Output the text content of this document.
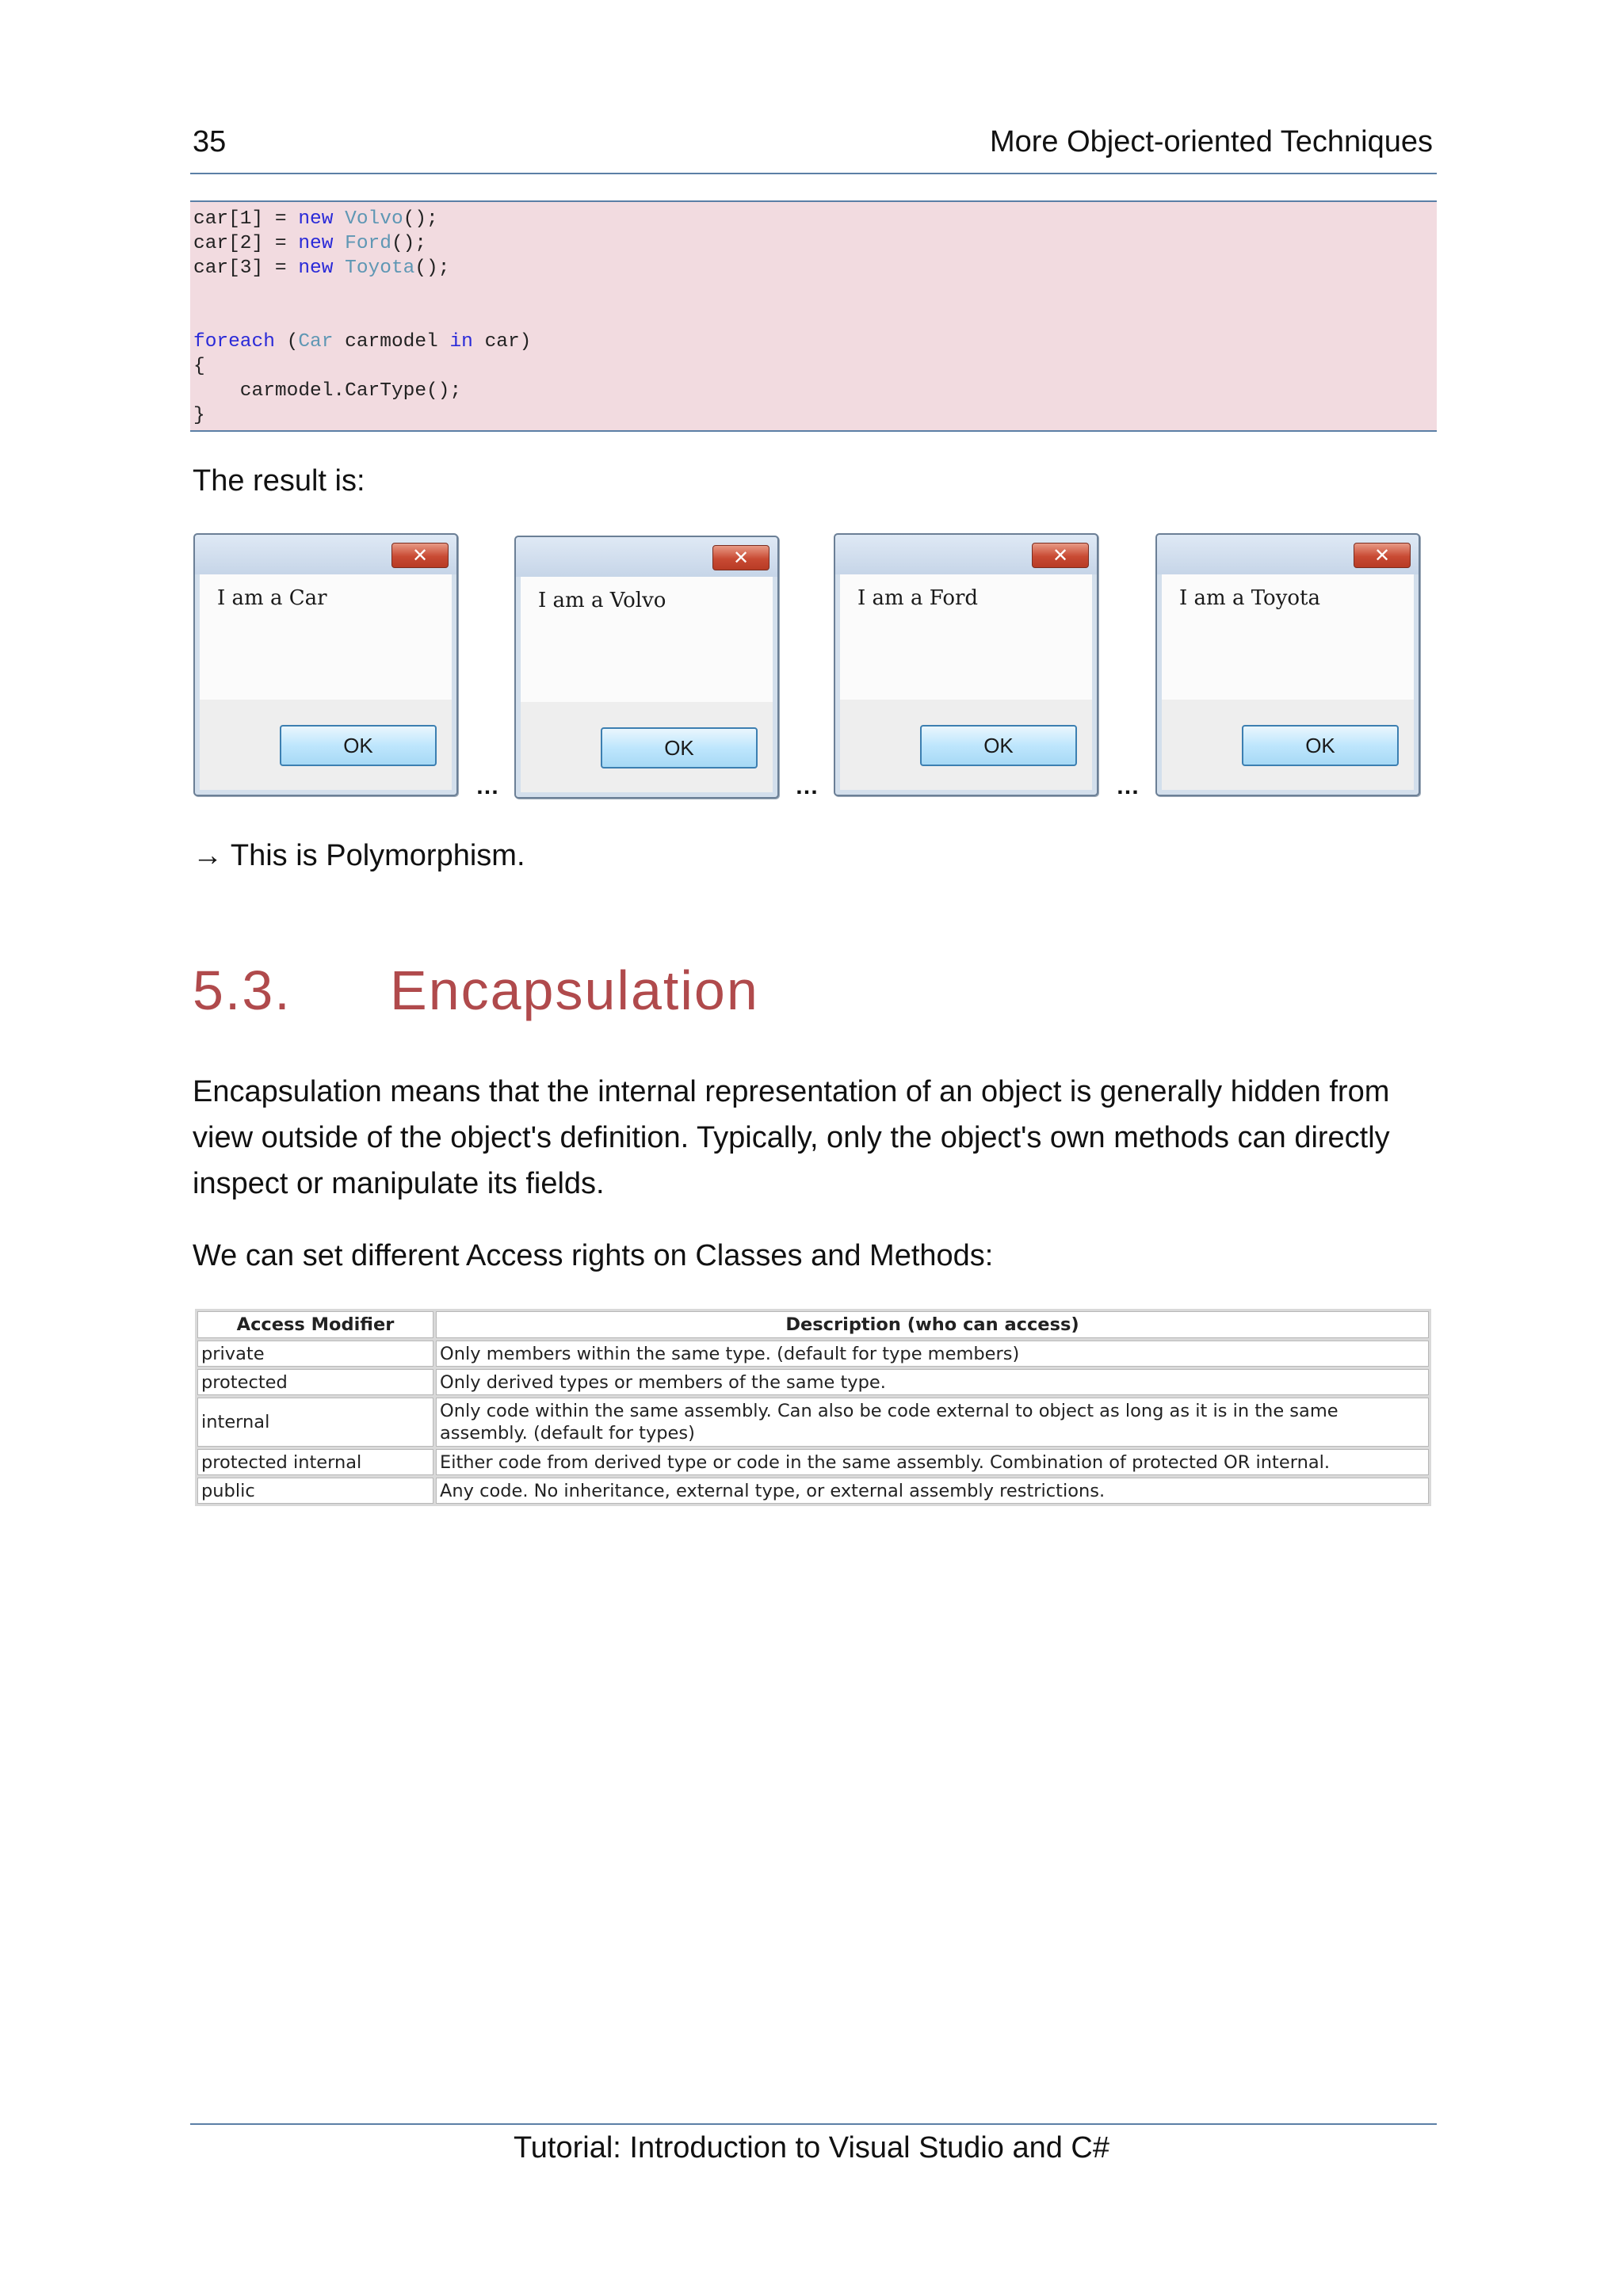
35	More Object-oriented Techniques
car[1] = new Volvo();
car[2] = new Ford();
car[3] = new Toyota();

foreach (Car carmodel in car)
{
carmodel.CarType();
}
The result is:
✕
I am a Car
OK
…
✕
I am a Volvo
OK
…
✕
I am a Ford
OK
…
✕
I am a Toyota
OK
→ This is Polymorphism.
5.3. Encapsulation
Encapsulation means that the internal representation of an object is generally hidden from view outside of the object's definition. Typically, only the object's own methods can directly inspect or manipulate its fields.
We can set different Access rights on Classes and Methods:
Access Modifier	Description (who can access)
private	Only members within the same type. (default for type members)
protected	Only derived types or members of the same type.
internal	Only code within the same assembly. Can also be code external to object as long as it is in the same assembly. (default for types)
protected internal	Either code from derived type or code in the same assembly. Combination of protected OR internal.
public	Any code. No inheritance, external type, or external assembly restrictions.
Tutorial: Introduction to Visual Studio and C#
